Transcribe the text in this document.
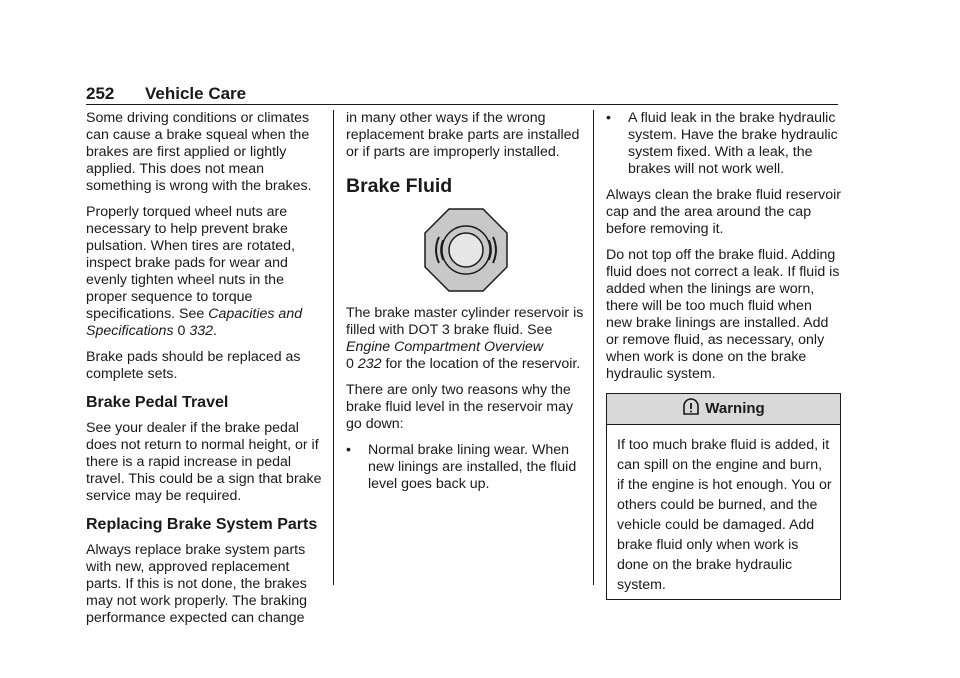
252 Vehicle Care

Some driving conditions or climates can cause a brake squeal when the brakes are first applied or lightly applied. This does not mean something is wrong with the brakes.

Properly torqued wheel nuts are necessary to help prevent brake pulsation. When tires are rotated, inspect brake pads for wear and evenly tighten wheel nuts in the proper sequence to torque specifications. See Capacities and Specifications 0 332.

Brake pads should be replaced as complete sets.

Brake Pedal Travel

See your dealer if the brake pedal does not return to normal height, or if there is a rapid increase in pedal travel. This could be a sign that brake service may be required.

Replacing Brake System Parts

Always replace brake system parts with new, approved replacement parts. If this is not done, the brakes may not work properly. The braking performance expected can change

in many other ways if the wrong replacement brake parts are installed or if parts are improperly installed.

Brake Fluid

The brake master cylinder reservoir is filled with DOT 3 brake fluid. See Engine Compartment Overview
0 232 for the location of the reservoir.

There are only two reasons why the brake fluid level in the reservoir may go down:

• Normal brake lining wear. When new linings are installed, the fluid level goes back up.
• A fluid leak in the brake hydraulic system. Have the brake hydraulic system fixed. With a leak, the brakes will not work well.

Always clean the brake fluid reservoir cap and the area around the cap before removing it.

Do not top off the brake fluid. Adding fluid does not correct a leak. If fluid is added when the linings are worn, there will be too much fluid when new brake linings are installed. Add or remove fluid, as necessary, only when work is done on the brake hydraulic system.

Warning
If too much brake fluid is added, it can spill on the engine and burn, if the engine is hot enough. You or others could be burned, and the vehicle could be damaged. Add brake fluid only when work is done on the brake hydraulic system.
